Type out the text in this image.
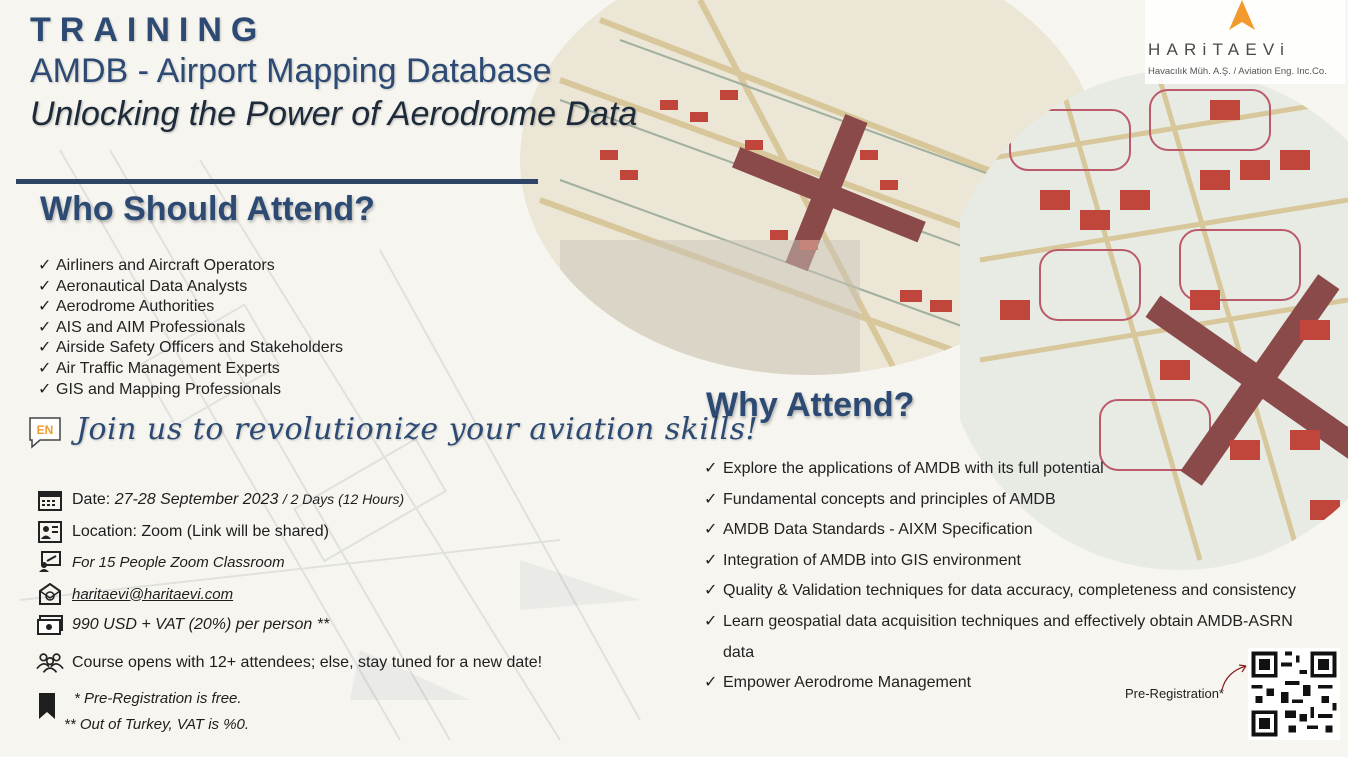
TRAINING
AMDB - Airport Mapping Database
Unlocking the Power of Aerodrome Data
HARiTAEVi
Havacılık Müh. A.Ş. / Aviation Eng. Inc.Co.
Who Should Attend?
✓ Airliners and Aircraft Operators
✓ Aeronautical Data Analysts
✓ Aerodrome Authorities
✓ AIS and AIM Professionals
✓ Airside Safety Officers and Stakeholders
✓ Air Traffic Management Experts
✓ GIS and Mapping Professionals
EN Join us to revolutionize your aviation skills!
Date: 27-28 September 2023 / 2 Days (12 Hours)
Location: Zoom (Link will be shared)
For 15 People Zoom Classroom
haritaevi@haritaevi.com
990 USD + VAT (20%) per person **
Course opens with 12+ attendees; else, stay tuned for a new date!
* Pre-Registration is free.
** Out of Turkey, VAT is %0.
Why Attend?
✓ Explore the applications of AMDB with its full potential
✓ Fundamental concepts and principles of AMDB
✓ AMDB Data Standards - AIXM Specification
✓ Integration of AMDB into GIS environment
✓ Quality & Validation techniques for data accuracy, completeness and consistency
✓ Learn geospatial data acquisition techniques and effectively obtain AMDB-ASRN data
✓ Empower Aerodrome Management
Pre-Registration*
